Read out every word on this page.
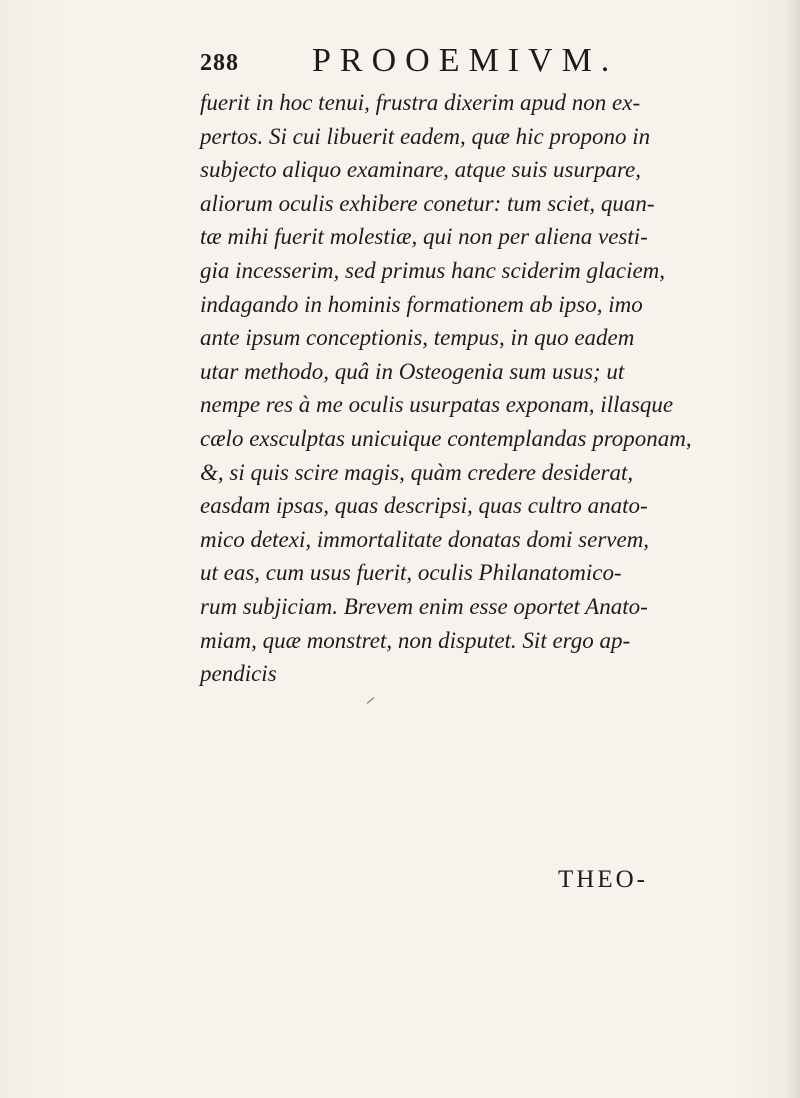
288 PROOEMIVM.
fuerit in hoc tenui, frustra dixerim apud non ex-
pertos. Si cui libuerit eadem, quæ hic propono in
subjecto aliquo examinare, atque suis usurpare,
aliorum oculis exhibere conetur: tum sciet, quan-
tæ mihi fuerit molestiæ, qui non per aliena vesti-
gia incesserim, sed primus hanc sciderim glaciem,
indagando in hominis formationem ab ipso, imo
ante ipsum conceptionis, tempus, in quo eadem
utar methodo, quâ in Osteogenia sum usus; ut
nempe res à me oculis usurpatas exponam, illasque
cælo exsculptas unicuique contemplandas proponam,
&, si quis scire magis, quàm credere desiderat,
easdam ipsas, quas descripsi, quas cultro anato-
mico detexi, immortalitate donatas domi servem,
ut eas, cum usus fuerit, oculis Philanatomico-
rum subjiciam. Brevem enim esse oportet Anato-
miam, quæ monstret, non disputet. Sit ergo ap-
pendicis
THEO-
